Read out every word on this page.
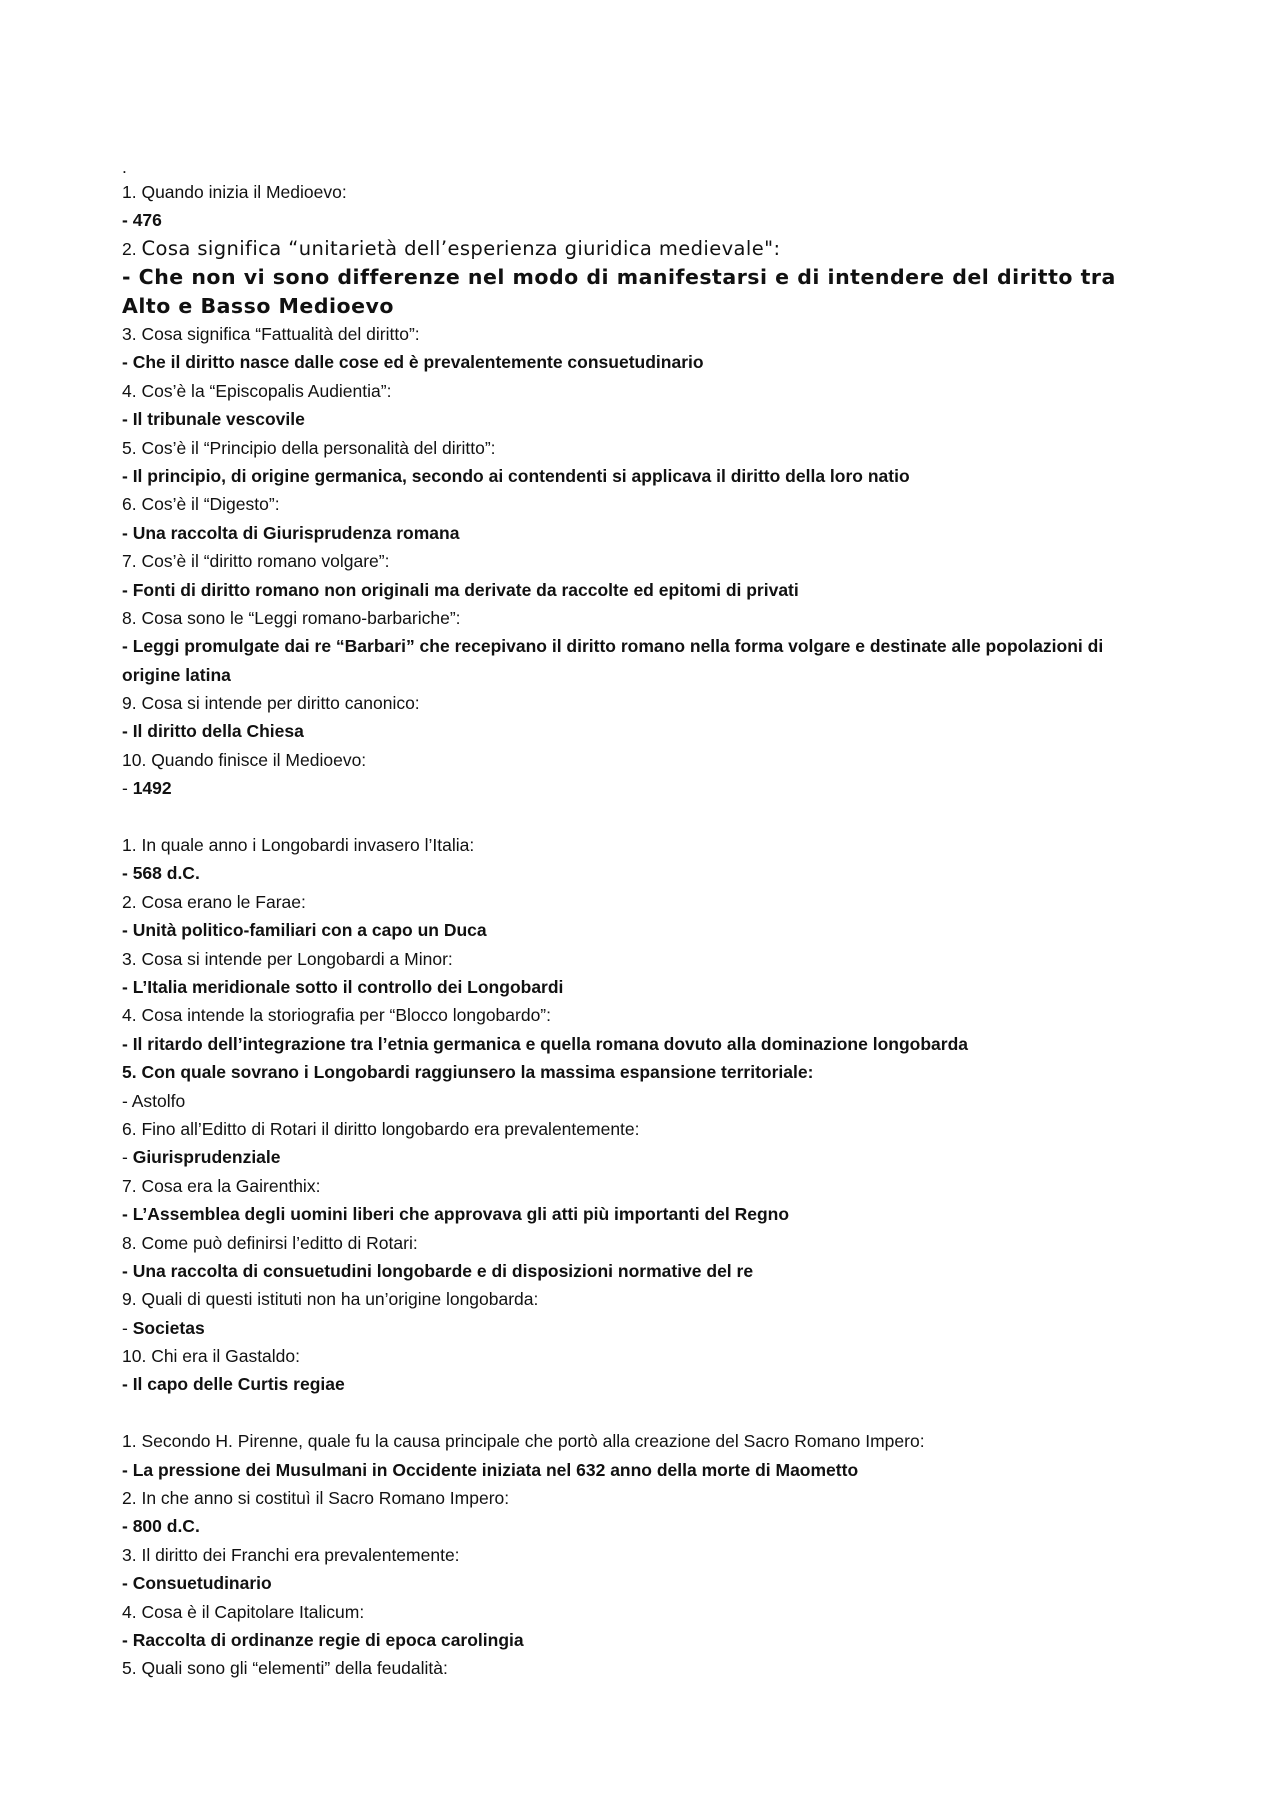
.
1. Quando inizia il Medioevo:
- 476
2. Cosa significa “unitarietà dell’esperienza giuridica medievale":
- Che non vi sono differenze nel modo di manifestarsi e di intendere del diritto tra Alto e Basso Medioevo
3. Cosa significa “Fattualità del diritto”:
- Che il diritto nasce dalle cose ed è prevalentemente consuetudinario
4. Cos’è la “Episcopalis Audientia”:
- Il tribunale vescovile
5. Cos’è il “Principio della personalità del diritto”:
- Il principio, di origine germanica, secondo ai contendenti si applicava il diritto della loro natio
6. Cos’è il “Digesto”:
- Una raccolta di Giurisprudenza romana
7. Cos’è il “diritto romano volgare”:
- Fonti di diritto romano non originali ma derivate da raccolte ed epitomi di privati
8. Cosa sono le “Leggi romano-barbariche”:
- Leggi promulgate dai re “Barbari” che recepivano il diritto romano nella forma volgare e destinate alle popolazioni di origine latina
9. Cosa si intende per diritto canonico:
- Il diritto della Chiesa
10. Quando finisce il Medioevo:
- 1492
1. In quale anno i Longobardi invasero l’Italia:
- 568 d.C.
2. Cosa erano le Farae:
- Unità politico-familiari con a capo un Duca
3. Cosa si intende per Longobardi a Minor:
- L’Italia meridionale sotto il controllo dei Longobardi
4. Cosa intende la storiografia per “Blocco longobardo”:
- Il ritardo dell’integrazione tra l’etnia germanica e quella romana dovuto alla dominazione longobarda
5. Con quale sovrano i Longobardi raggiunsero la massima espansione territoriale:
- Astolfo
6. Fino all’Editto di Rotari il diritto longobardo era prevalentemente:
- Giurisprudenziale
7. Cosa era la Gairenthix:
- L’Assemblea degli uomini liberi che approvava gli atti più importanti del Regno
8. Come può definirsi l’editto di Rotari:
- Una raccolta di consuetudini longobarde e di disposizioni normative del re
9. Quali di questi istituti non ha un’origine longobarda:
- Societas
10. Chi era il Gastaldo:
- Il capo delle Curtis regiae
1. Secondo H. Pirenne, quale fu la causa principale che portò alla creazione del Sacro Romano Impero:
- La pressione dei Musulmani in Occidente iniziata nel 632 anno della morte di Maometto
2. In che anno si costituì il Sacro Romano Impero:
- 800 d.C.
3. Il diritto dei Franchi era prevalentemente:
- Consuetudinario
4. Cosa è il Capitolare Italicum:
- Raccolta di ordinanze regie di epoca carolingia
5. Quali sono gli “elementi” della feudalità:
